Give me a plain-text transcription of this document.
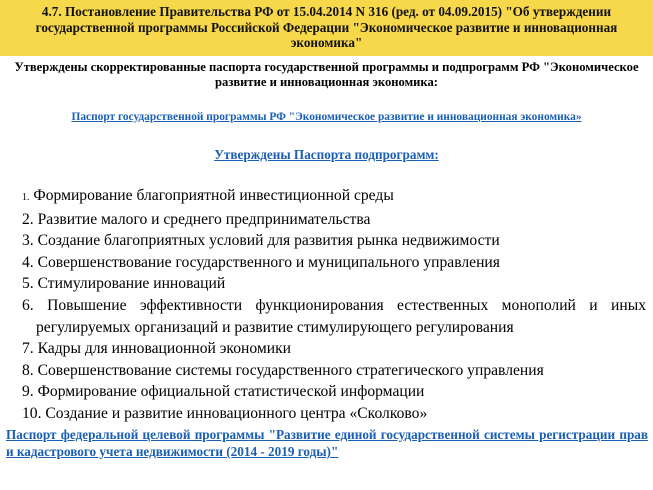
4.7. Постановление Правительства РФ от 15.04.2014 N 316 (ред. от 04.09.2015) "Об утверждении государственной программы Российской Федерации "Экономическое развитие и инновационная экономика"
Утверждены скорректированные паспорта государственной программы и подпрограмм РФ "Экономическое развитие и инновационная экономика:
Паспорт государственной программы РФ "Экономическое развитие и инновационная экономика»
Утверждены Паспорта подпрограмм:
1. Формирование благоприятной инвестиционной среды
2. Развитие малого и среднего предпринимательства
3. Создание благоприятных условий для развития рынка недвижимости
4. Совершенствование государственного и муниципального управления
5. Стимулирование инноваций
6. Повышение эффективности функционирования естественных монополий и иных регулируемых организаций и развитие стимулирующего регулирования
7. Кадры для инновационной экономики
8. Совершенствование системы государственного стратегического управления
9. Формирование официальной статистической информации
10. Создание и развитие инновационного центра «Сколково»
Паспорт федеральной целевой программы "Развитие единой государственной системы регистрации прав и кадастрового учета недвижимости (2014 - 2019 годы)"
